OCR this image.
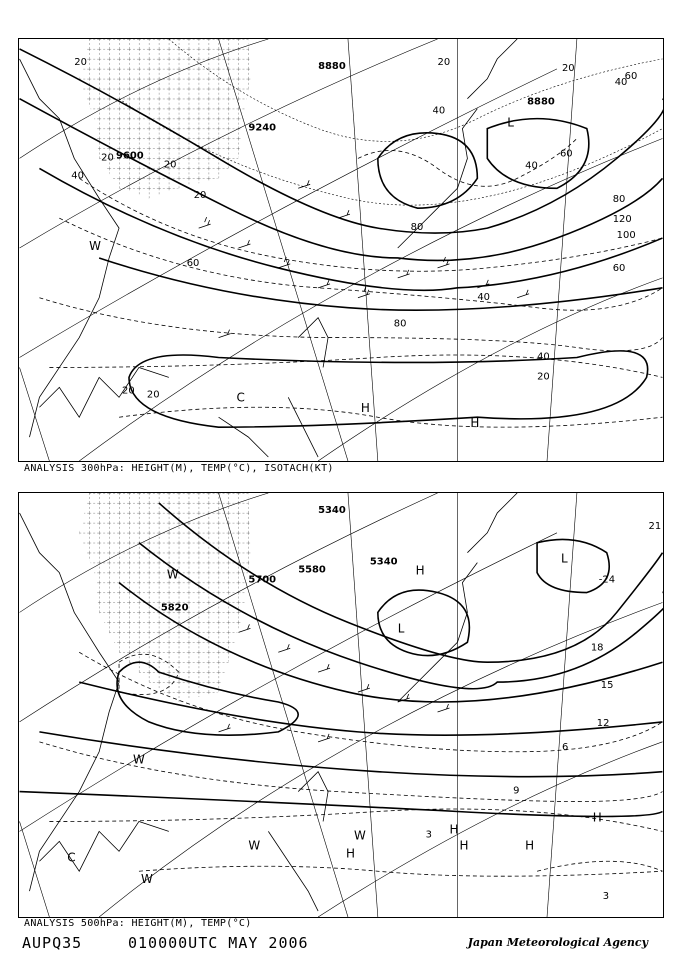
8880
9240
9600
8880
20	20
20
20
20
20
20 20
20
40
40
40
40
40
40
60
60
60
60
80
80
80
100
120
L
C
W
H
H
ANALYSIS 300hPa: HEIGHT(M), TEMP(°C), ISOTACH(KT)
5340
5340
5700
5820
5580
21
18
15
12
9
3
3
6
-24
L
L
C
W
W
W
W
W	H
H
H	H
H
H
ANALYSIS 500hPa: HEIGHT(M), TEMP(°C)
AUPQ35	010000UTC MAY 2006	Japan Meteorological Agency
